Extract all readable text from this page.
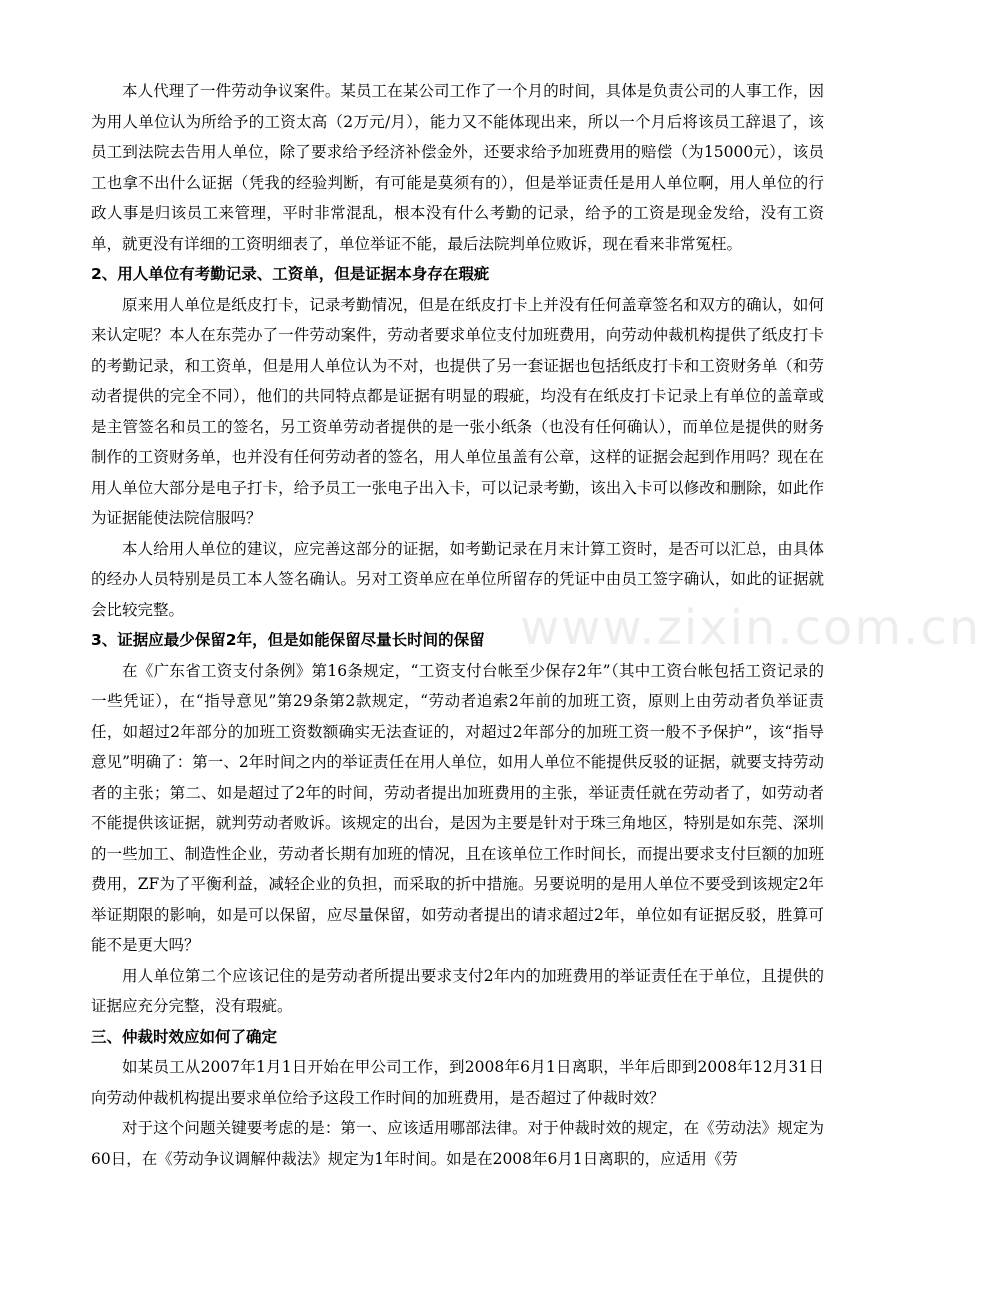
www.zixin.com.cn

本人代理了一件劳动争议案件。某员工在某公司工作了一个月的时间，具体是负责公司的人事工作，因为用人单位认为所给予的工资太高（2万元/月），能力又不能体现出来，所以一个月后将该员工辞退了，该员工到法院去告用人单位，除了要求给予经济补偿金外，还要求给予加班费用的赔偿（为15000元），该员工也拿不出什么证据（凭我的经验判断，有可能是莫须有的），但是举证责任是用人单位啊，用人单位的行政人事是归该员工来管理，平时非常混乱，根本没有什么考勤的记录，给予的工资是现金发给，没有工资单，就更没有详细的工资明细表了，单位举证不能，最后法院判单位败诉，现在看来非常冤枉。

2、用人单位有考勤记录、工资单，但是证据本身存在瑕疵

原来用人单位是纸皮打卡，记录考勤情况，但是在纸皮打卡上并没有任何盖章签名和双方的确认，如何来认定呢？本人在东莞办了一件劳动案件，劳动者要求单位支付加班费用，向劳动仲裁机构提供了纸皮打卡的考勤记录，和工资单，但是用人单位认为不对，也提供了另一套证据也包括纸皮打卡和工资财务单（和劳动者提供的完全不同），他们的共同特点都是证据有明显的瑕疵，均没有在纸皮打卡记录上有单位的盖章或是主管签名和员工的签名，另工资单劳动者提供的是一张小纸条（也没有任何确认），而单位是提供的财务制作的工资财务单，也并没有任何劳动者的签名，用人单位虽盖有公章，这样的证据会起到作用吗？现在在用人单位大部分是电子打卡，给予员工一张电子出入卡，可以记录考勤，该出入卡可以修改和删除，如此作为证据能使法院信服吗？

本人给用人单位的建议，应完善这部分的证据，如考勤记录在月末计算工资时，是否可以汇总，由具体的经办人员特别是员工本人签名确认。另对工资单应在单位所留存的凭证中由员工签字确认，如此的证据就会比较完整。

3、证据应最少保留2年，但是如能保留尽量长时间的保留

在《广东省工资支付条例》第16条规定，“工资支付台帐至少保存2年”（其中工资台帐包括工资记录的一些凭证），在“指导意见”第29条第2款规定，“劳动者追索2年前的加班工资，原则上由劳动者负举证责任，如超过2年部分的加班工资数额确实无法查证的，对超过2年部分的加班工资一般不予保护”，该“指导意见”明确了：第一、2年时间之内的举证责任在用人单位，如用人单位不能提供反驳的证据，就要支持劳动者的主张；第二、如是超过了2年的时间，劳动者提出加班费用的主张，举证责任就在劳动者了，如劳动者不能提供该证据，就判劳动者败诉。该规定的出台，是因为主要是针对于珠三角地区，特别是如东莞、深圳的一些加工、制造性企业，劳动者长期有加班的情况，且在该单位工作时间长，而提出要求支付巨额的加班费用，ZF为了平衡利益，减轻企业的负担，而采取的折中措施。另要说明的是用人单位不要受到该规定2年举证期限的影响，如是可以保留，应尽量保留，如劳动者提出的请求超过2年，单位如有证据反驳，胜算可能不是更大吗？

用人单位第二个应该记住的是劳动者所提出要求支付2年内的加班费用的举证责任在于单位，且提供的证据应充分完整，没有瑕疵。

三、仲裁时效应如何了确定

如某员工从2007年1月1日开始在甲公司工作，到2008年6月1日离职，半年后即到2008年12月31日向劳动仲裁机构提出要求单位给予这段工作时间的加班费用，是否超过了仲裁时效？

对于这个问题关键要考虑的是：第一、应该适用哪部法律。对于仲裁时效的规定，在《劳动法》规定为60日，在《劳动争议调解仲裁法》规定为1年时间。如是在2008年6月1日离职的，应适用《劳
